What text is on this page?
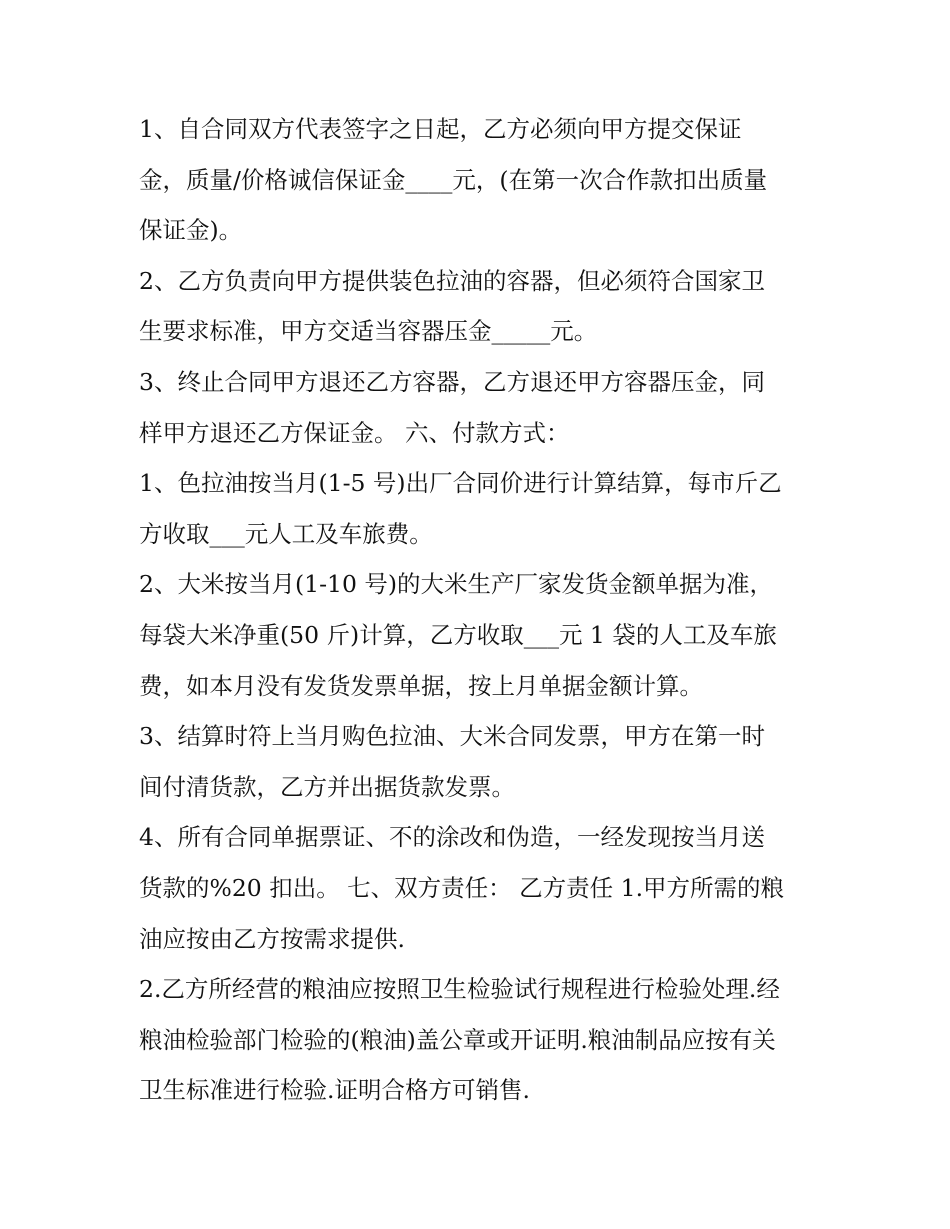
1、自合同双方代表签字之日起，乙方必须向甲方提交保证
金，质量/价格诚信保证金____元，(在第一次合作款扣出质量
保证金)。
2、乙方负责向甲方提供装色拉油的容器，但必须符合国家卫
生要求标准，甲方交适当容器压金_____元。
3、终止合同甲方退还乙方容器，乙方退还甲方容器压金，同
样甲方退还乙方保证金。 六、付款方式：
1、色拉油按当月(1-5 号)出厂合同价进行计算结算，每市斤乙
方收取___元人工及车旅费。
2、大米按当月(1-10 号)的大米生产厂家发货金额单据为准，
每袋大米净重(50 斤)计算，乙方收取___元 1 袋的人工及车旅
费，如本月没有发货发票单据，按上月单据金额计算。
3、结算时符上当月购色拉油、大米合同发票，甲方在第一时
间付清货款，乙方并出据货款发票。
4、所有合同单据票证、不的涂改和伪造，一经发现按当月送
货款的%20 扣出。 七、双方责任： 乙方责任 1.甲方所需的粮
油应按由乙方按需求提供.
2.乙方所经营的粮油应按照卫生检验试行规程进行检验处理.经
粮油检验部门检验的(粮油)盖公章或开证明.粮油制品应按有关
卫生标准进行检验.证明合格方可销售.
